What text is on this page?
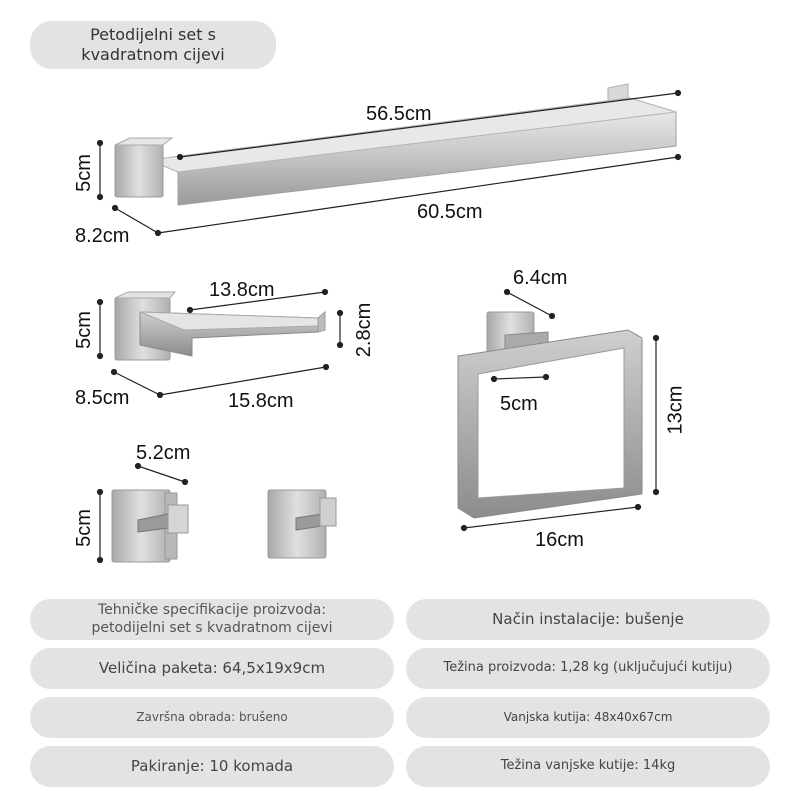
Petodijelni set s
kvadratnom cijevi
56.5cm
60.5cm
5cm
8.2cm
13.8cm
5cm	2.8cm
8.5cm	15.8cm
6.4cm
5cm	13cm
16cm
5.2cm
5cm
Tehničke specifikacije proizvoda:
petodijelni set s kvadratnom cijevi	Način instalacije: bušenje
Veličina paketa: 64,5x19x9cm	Težina proizvoda: 1,28 kg (uključujući kutiju)
Završna obrada: brušeno	Vanjska kutija: 48x40x67cm
Pakiranje: 10 komada	Težina vanjske kutije: 14kg
